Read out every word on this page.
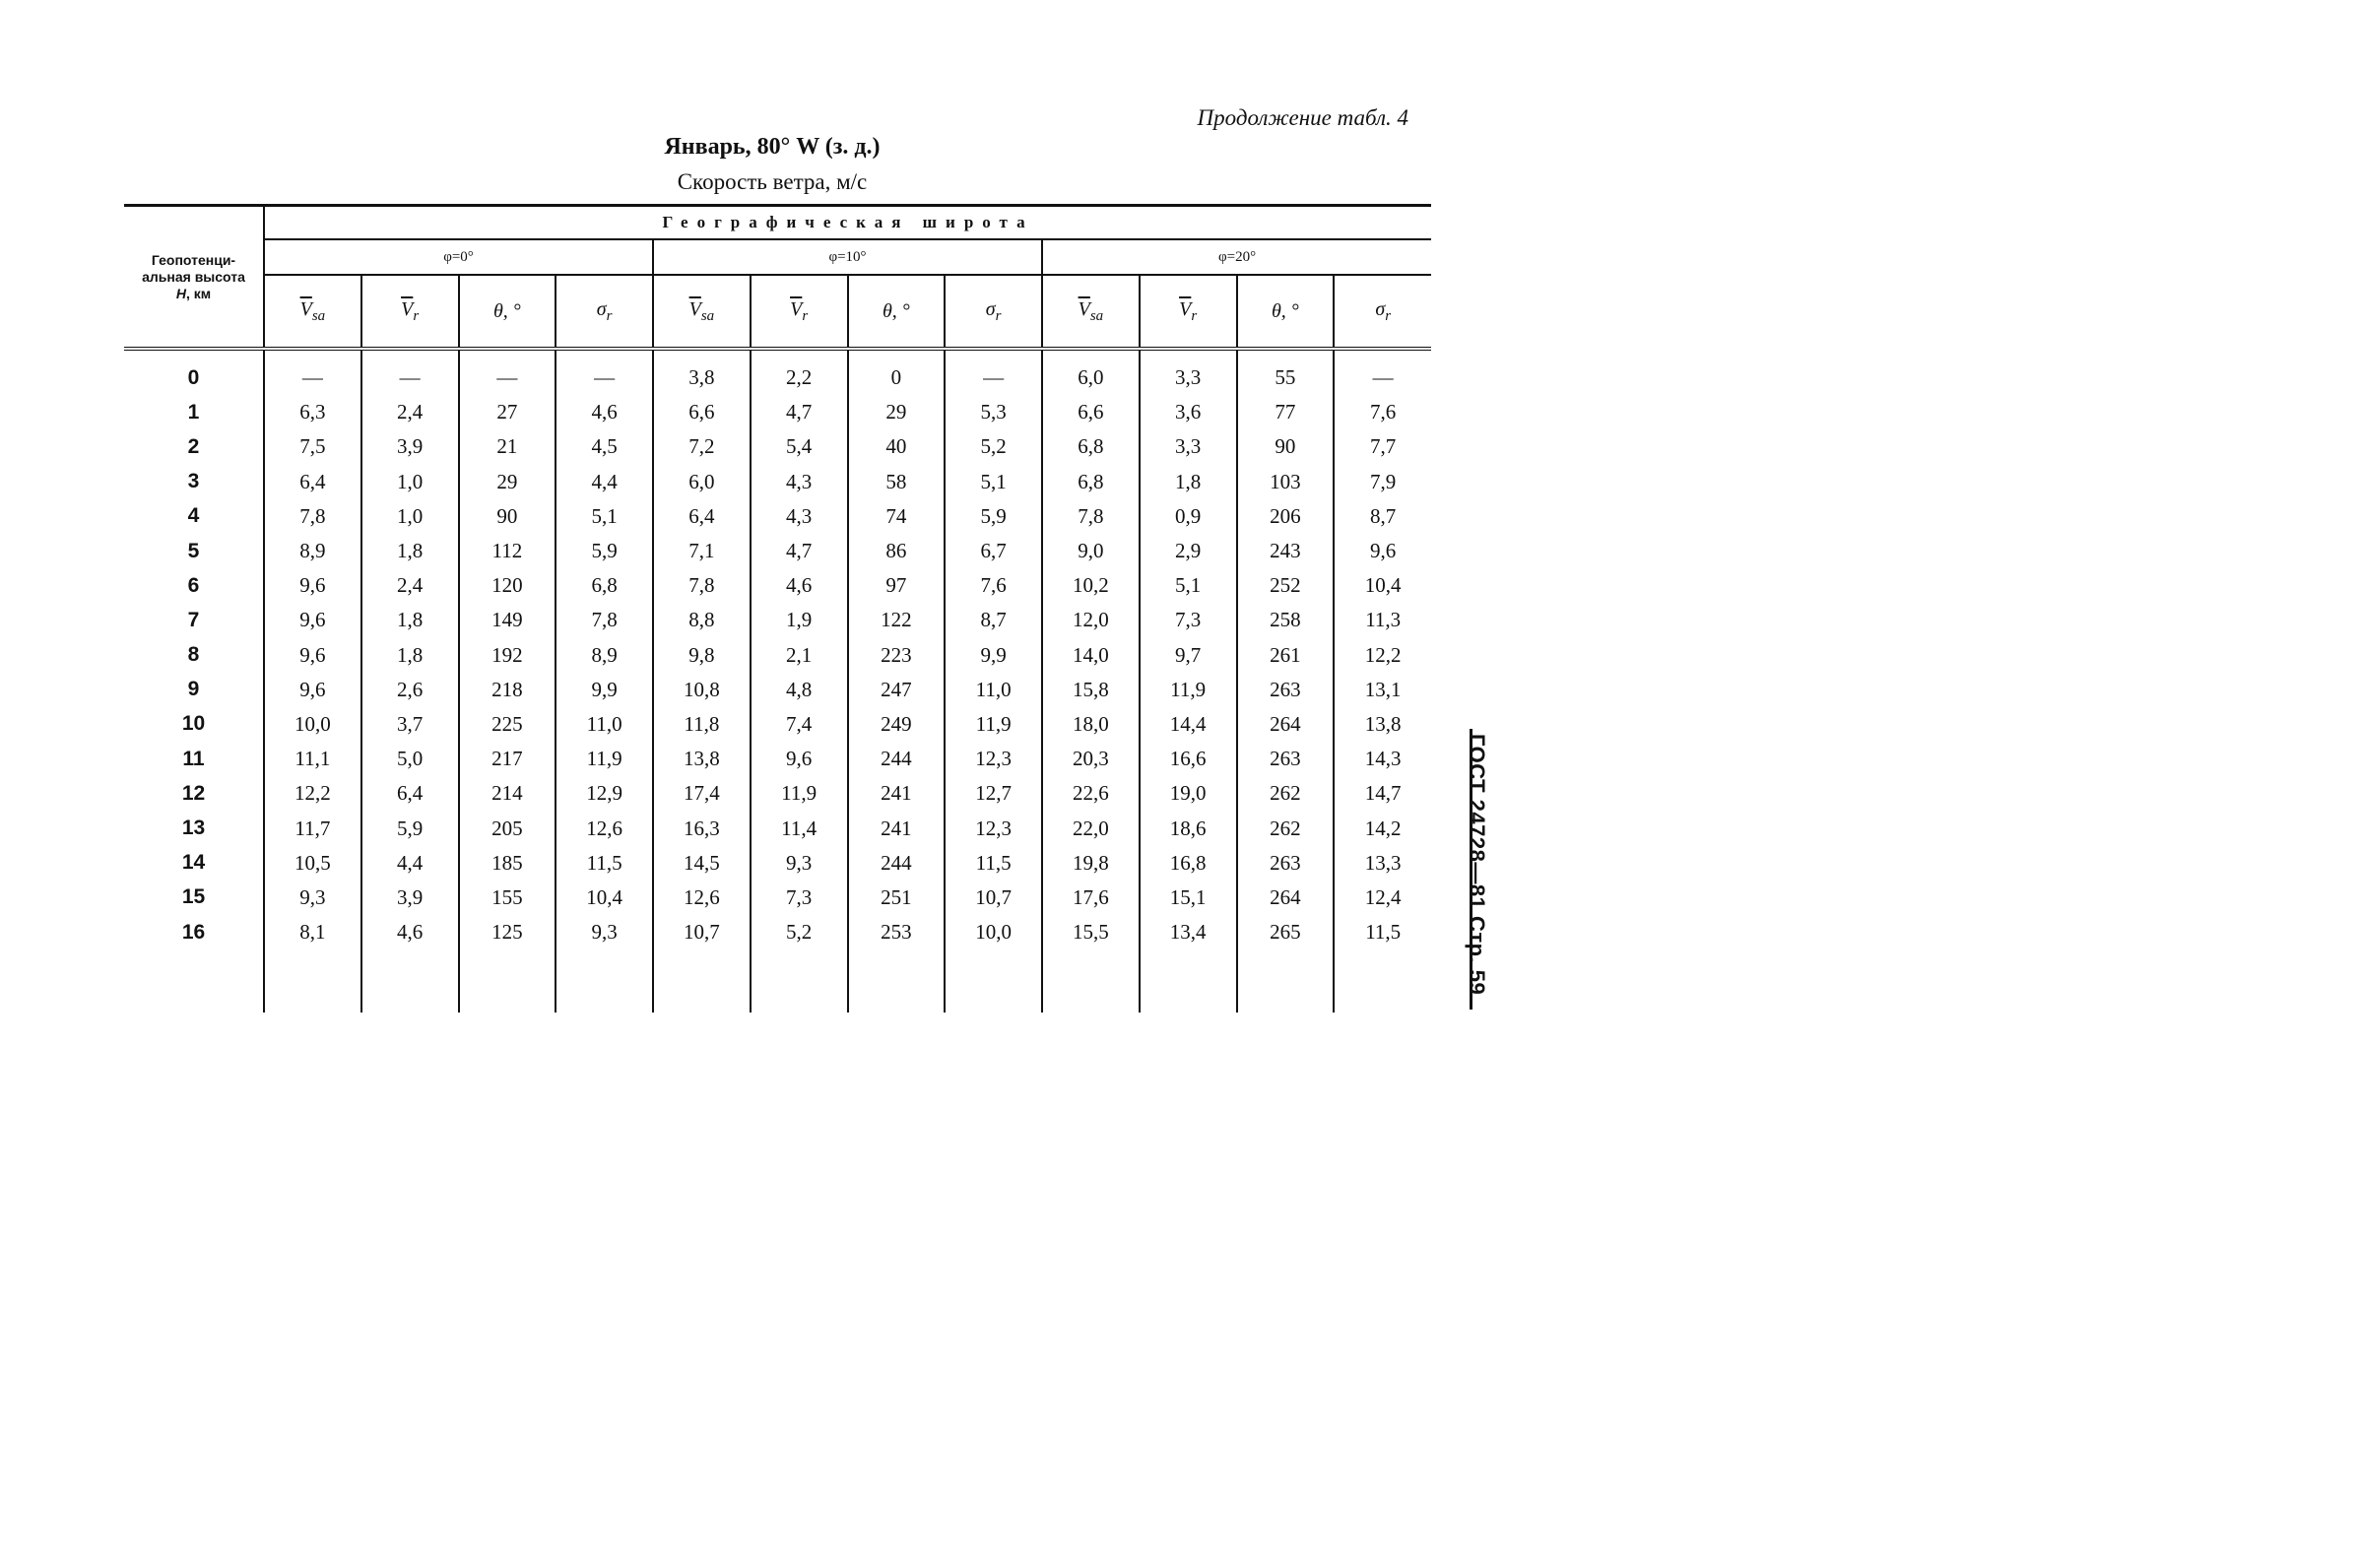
Продолжение табл. 4
Январь, 80° W (з. д.)
Скорость ветра, м/с
Геопотенци-
альная высота
H, км	Географическая широта											
	φ=0°				φ=10°				φ=20°			
	$\overline{V}_{sa}$	$\overline{V}_r$	θ, °	$\sigma_r$	$\overline{V}_{sa}$	$\overline{V}_r$	θ, °	$\sigma_r$	$\overline{V}_{sa}$	$\overline{V}_r$	θ, °	$\sigma_r$
0	—	—	—	—	3,8	2,2	0	—	6,0	3,3	55	—
1	6,3	2,4	27	4,6	6,6	4,7	29	5,3	6,6	3,6	77	7,6
2	7,5	3,9	21	4,5	7,2	5,4	40	5,2	6,8	3,3	90	7,7
3	6,4	1,0	29	4,4	6,0	4,3	58	5,1	6,8	1,8	103	7,9
4	7,8	1,0	90	5,1	6,4	4,3	74	5,9	7,8	0,9	206	8,7
5	8,9	1,8	112	5,9	7,1	4,7	86	6,7	9,0	2,9	243	9,6
6	9,6	2,4	120	6,8	7,8	4,6	97	7,6	10,2	5,1	252	10,4
7	9,6	1,8	149	7,8	8,8	1,9	122	8,7	12,0	7,3	258	11,3
8	9,6	1,8	192	8,9	9,8	2,1	223	9,9	14,0	9,7	261	12,2
9	9,6	2,6	218	9,9	10,8	4,8	247	11,0	15,8	11,9	263	13,1
10	10,0	3,7	225	11,0	11,8	7,4	249	11,9	18,0	14,4	264	13,8
11	11,1	5,0	217	11,9	13,8	9,6	244	12,3	20,3	16,6	263	14,3
12	12,2	6,4	214	12,9	17,4	11,9	241	12,7	22,6	19,0	262	14,7
13	11,7	5,9	205	12,6	16,3	11,4	241	12,3	22,0	18,6	262	14,2
14	10,5	4,4	185	11,5	14,5	9,3	244	11,5	19,8	16,8	263	13,3
15	9,3	3,9	155	10,4	12,6	7,3	251	10,7	17,6	15,1	264	12,4
16	8,1	4,6	125	9,3	10,7	5,2	253	10,0	15,5	13,4	265	11,5
													ГОСТ 24728—81 Стр. 59
